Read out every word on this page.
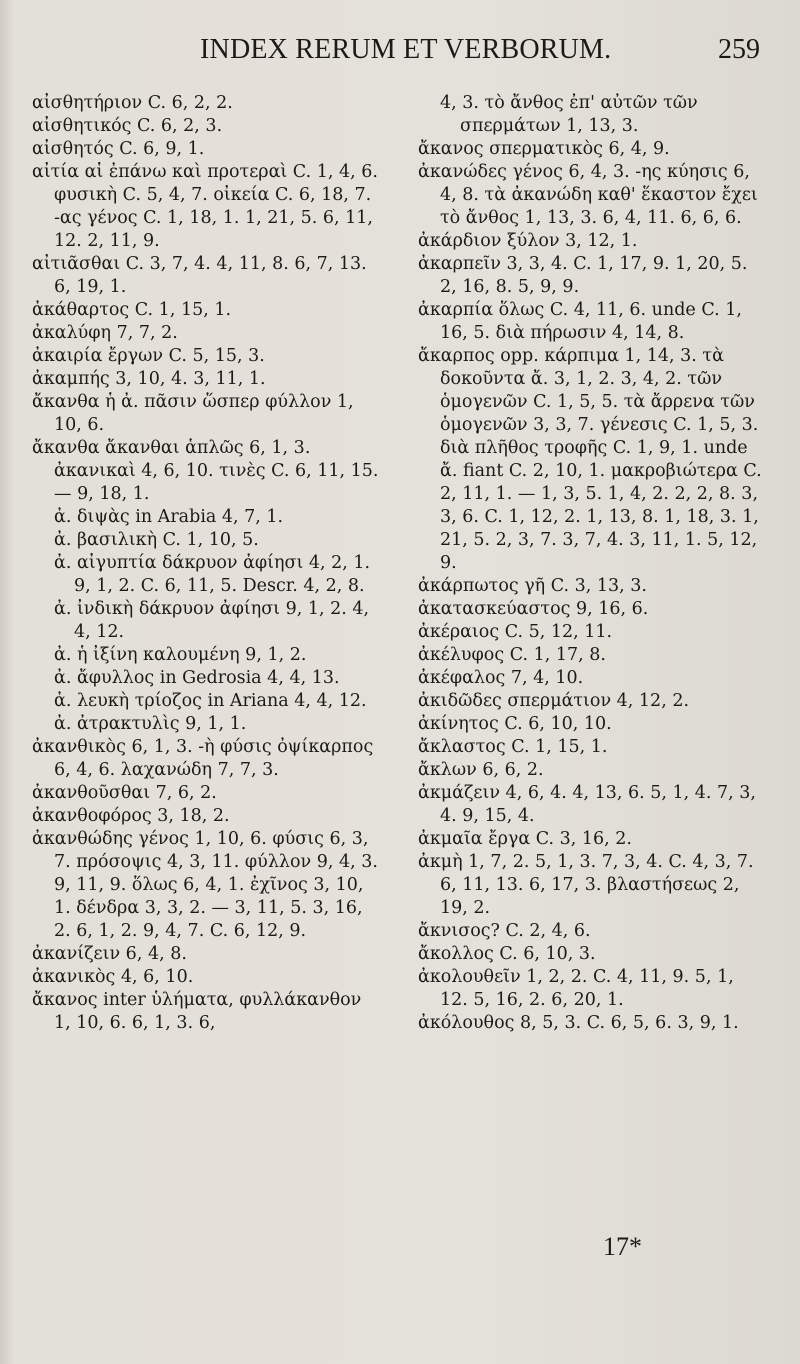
INDEX RERUM ET VERBORUM.	259
αἰσθητήριον C. 6, 2, 2.
αἰσθητικός C. 6, 2, 3.
αἰσθητός C. 6, 9, 1.
αἰτία αἱ ἐπάνω καὶ προτεραὶ C. 1, 4, 6. φυσικὴ C. 5, 4, 7. οἰκεία C. 6, 18, 7. -ας γένος C. 1, 18, 1. 1, 21, 5. 6, 11, 12. 2, 11, 9.
αἰτιᾶσθαι C. 3, 7, 4. 4, 11, 8. 6, 7, 13. 6, 19, 1.
ἀκάθαρτος C. 1, 15, 1.
ἀκαλύφη 7, 7, 2.
ἀκαιρία ἔργων C. 5, 15, 3.
ἀκαμπής 3, 10, 4. 3, 11, 1.
ἄκανθα ἡ ἀ. πᾶσιν ὥσπερ φύλλον 1, 10, 6.
ἄκανθα ἄκανθαι ἁπλῶς 6, 1, 3. ἀκανικαὶ 4, 6, 10. τινὲς C. 6, 11, 15. — 9, 18, 1.
ἀ. διψὰς in Arabia 4, 7, 1.
ἀ. βασιλικὴ C. 1, 10, 5.
ἀ. αἰγυπτία δάκρυον ἀφίησι 4, 2, 1. 9, 1, 2. C. 6, 11, 5. Descr. 4, 2, 8.
ἀ. ἰνδικὴ δάκρυον ἀφίησι 9, 1, 2. 4, 4, 12.
ἀ. ἡ ἰξίνη καλουμένη 9, 1, 2.
ἀ. ἄφυλλος in Gedrosia 4, 4, 13.
ἀ. λευκὴ τρίοζος in Ariana 4, 4, 12.
ἀ. ἀτρακτυλὶς 9, 1, 1.
ἀκανθικὸς 6, 1, 3. -ὴ φύσις ὀψίκαρπος 6, 4, 6. λαχανώδη 7, 7, 3.
ἀκανθοῦσθαι 7, 6, 2.
ἀκανθοφόρος 3, 18, 2.
ἀκανθώδης γένος 1, 10, 6. φύσις 6, 3, 7. πρόσοψις 4, 3, 11. φύλλον 9, 4, 3. 9, 11, 9. ὅλως 6, 4, 1. ἐχῖνος 3, 10, 1. δένδρα 3, 3, 2. — 3, 11, 5. 3, 16, 2. 6, 1, 2. 9, 4, 7. C. 6, 12, 9.
ἀκανίζειν 6, 4, 8.
ἀκανικὸς 4, 6, 10.
ἄκανος inter ὑλήματα, φυλλάκανθον 1, 10, 6. 6, 1, 3. 6,
4, 3. τὸ ἄνθος ἐπ' αὐτῶν τῶν σπερμάτων 1, 13, 3.
ἄκανος σπερματικὸς 6, 4, 9.
ἀκανώδες γένος 6, 4, 3. -ης κύησις 6, 4, 8. τὰ ἀκανώδη καθ' ἕκαστον ἔχει τὸ ἄνθος 1, 13, 3. 6, 4, 11. 6, 6, 6.
ἀκάρδιον ξύλον 3, 12, 1.
ἀκαρπεῖν 3, 3, 4. C. 1, 17, 9. 1, 20, 5. 2, 16, 8. 5, 9, 9.
ἀκαρπία ὅλως C. 4, 11, 6. unde C. 1, 16, 5. διὰ πήρωσιν 4, 14, 8.
ἄκαρπος opp. κάρπιμα 1, 14, 3. τὰ δοκοῦντα ἄ. 3, 1, 2. 3, 4, 2. τῶν ὁμογενῶν C. 1, 5, 5. τὰ ἄρρενα τῶν ὁμογενῶν 3, 3, 7. γένεσις C. 1, 5, 3. διὰ πλῆθος τροφῆς C. 1, 9, 1. unde ἄ. fiant C. 2, 10, 1. μακροβιώτερα C. 2, 11, 1. — 1, 3, 5. 1, 4, 2. 2, 2, 8. 3, 3, 6. C. 1, 12, 2. 1, 13, 8. 1, 18, 3. 1, 21, 5. 2, 3, 7. 3, 7, 4. 3, 11, 1. 5, 12, 9.
ἀκάρπωτος γῆ C. 3, 13, 3.
ἀκατασκεύαστος 9, 16, 6.
ἀκέραιος C. 5, 12, 11.
ἀκέλυφος C. 1, 17, 8.
ἀκέφαλος 7, 4, 10.
ἀκιδῶδες σπερμάτιον 4, 12, 2.
ἀκίνητος C. 6, 10, 10.
ἄκλαστος C. 1, 15, 1.
ἄκλων 6, 6, 2.
ἀκμάζειν 4, 6, 4. 4, 13, 6. 5, 1, 4. 7, 3, 4. 9, 15, 4.
ἀκμαῖα ἔργα C. 3, 16, 2.
ἀκμὴ 1, 7, 2. 5, 1, 3. 7, 3, 4. C. 4, 3, 7. 6, 11, 13. 6, 17, 3. βλαστήσεως 2, 19, 2.
ἄκνισος? C. 2, 4, 6.
ἄκολλος C. 6, 10, 3.
ἀκολουθεῖν 1, 2, 2. C. 4, 11, 9. 5, 1, 12. 5, 16, 2. 6, 20, 1.
ἀκόλουθος 8, 5, 3. C. 6, 5, 6. 3, 9, 1.
17*
